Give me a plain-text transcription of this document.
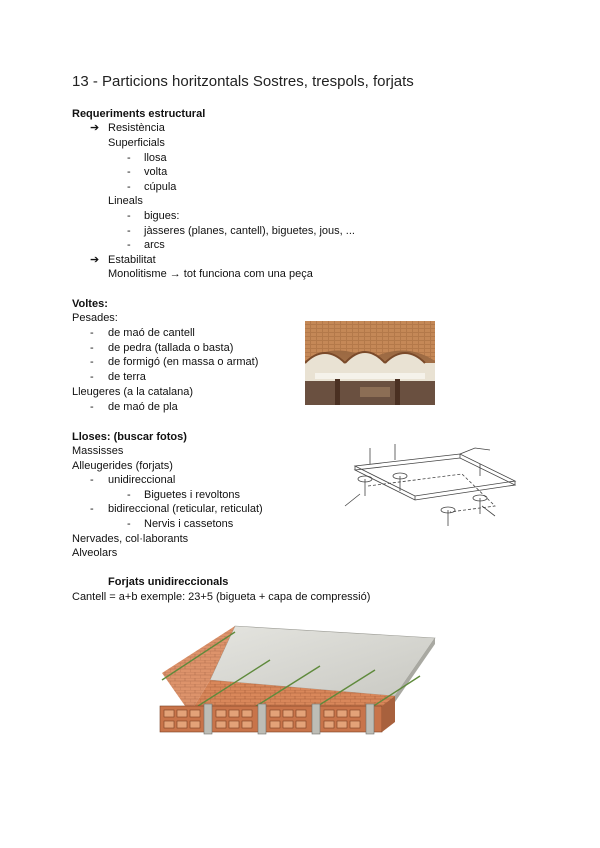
13 - Particions horitzontals Sostres, trespols, forjats
Requeriments estructural
➔ Resistència
Superficials
- llosa
- volta
- cúpula
Lineals
- bigues:
- jàsseres (planes, cantell), biguetes, jous, ...
- arcs
➔ Estabilitat
Monolitisme → tot funciona com una peça
Voltes:
Pesades:
- de maó de cantell
- de pedra (tallada o basta)
- de formigó (en massa o armat)
- de terra
Lleugeres (a la catalana)
- de maó de pla
Lloses: (buscar fotos)
Massisses
Alleugerides (forjats)
- unidireccional
- Biguetes i revoltons
- bidireccional (reticular, reticulat)
- Nervis i cassetons
Nervades, col·laborants
Alveolars
Forjats unidireccionals
Cantell = a+b exemple: 23+5 (bigueta + capa de compressió)
